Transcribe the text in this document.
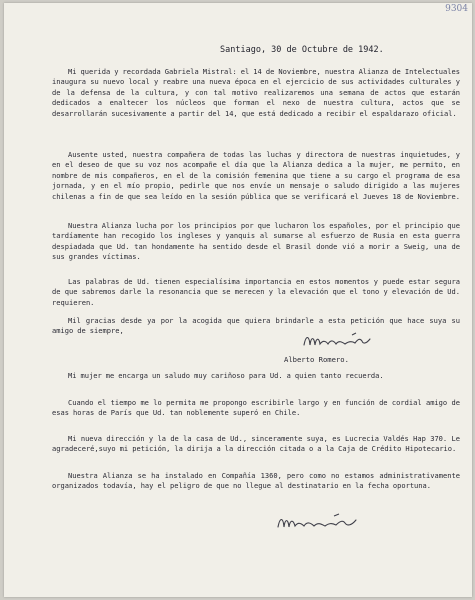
9304
Santiago, 30 de Octubre de 1942.
Mi querida y recordada Gabriela Mistral: el 14 de Noviembre, nuestra Alianza de Intelectuales inaugura su nuevo local y reabre una nueva época en el ejercicio de sus actividades culturales y de la defensa de la cultura, y con tal motivo realizaremos una semana de actos que estarán dedicados a enaltecer los núcleos que forman el nexo de nuestra cultura, actos que se desarrollarán sucesivamente a partir del 14, que está dedicado a recibir el espaldarazo oficial.
Ausente usted, nuestra compañera de todas las luchas y directora de nuestras inquietudes, y en el deseo de que su voz nos acompañe el día que la Alianza dedica a la mujer, me permito, en nombre de mis compañeros, en el de la comisión femenina que tiene a su cargo el programa de esa jornada, y en el mío propio, pedirle que nos envíe un mensaje o saludo dirigido a las mujeres chilenas a fin de que sea leído en la sesión pública que se verificará el Jueves 18 de Noviembre.
Nuestra Alianza lucha por los principios por que lucharon los españoles, por el principio que tardíamente han recogido los ingleses y yanquis al sumarse al esfuerzo de Rusia en esta guerra despiadada que Ud. tan hondamente ha sentido desde el Brasil donde vió a morir a Sweig, una de sus grandes víctimas.
Las palabras de Ud. tienen especialísima importancia en estos momentos y puede estar segura de que sabremos darle la resonancia que se merecen y la elevación que el tono y elevación de Ud. requieren.
Mil gracias desde ya por la acogida que quiera brindarle a esta petición que hace suya su amigo de siempre,
Alberto Romero.
Mi mujer me encarga un saludo muy cariñoso para Ud. a quien tanto recuerda.
Cuando el tiempo me lo permita me propongo escribirle largo y en función de cordial amigo de esas horas de París que Ud. tan noblemente superó en Chile.
Mi nueva dirección y la de la casa de Ud., sinceramente suya, es Lucrecia Valdés Hap 370. Le agradeceré,suyo mi petición, la dirija a la dirección citada o a la Caja de Crédito Hipotecario.
Nuestra Alianza se ha instalado en Compañía 1360, pero como no estamos administrativamente organizados todavía, hay el peligro de que no llegue al destinatario en la fecha oportuna.
